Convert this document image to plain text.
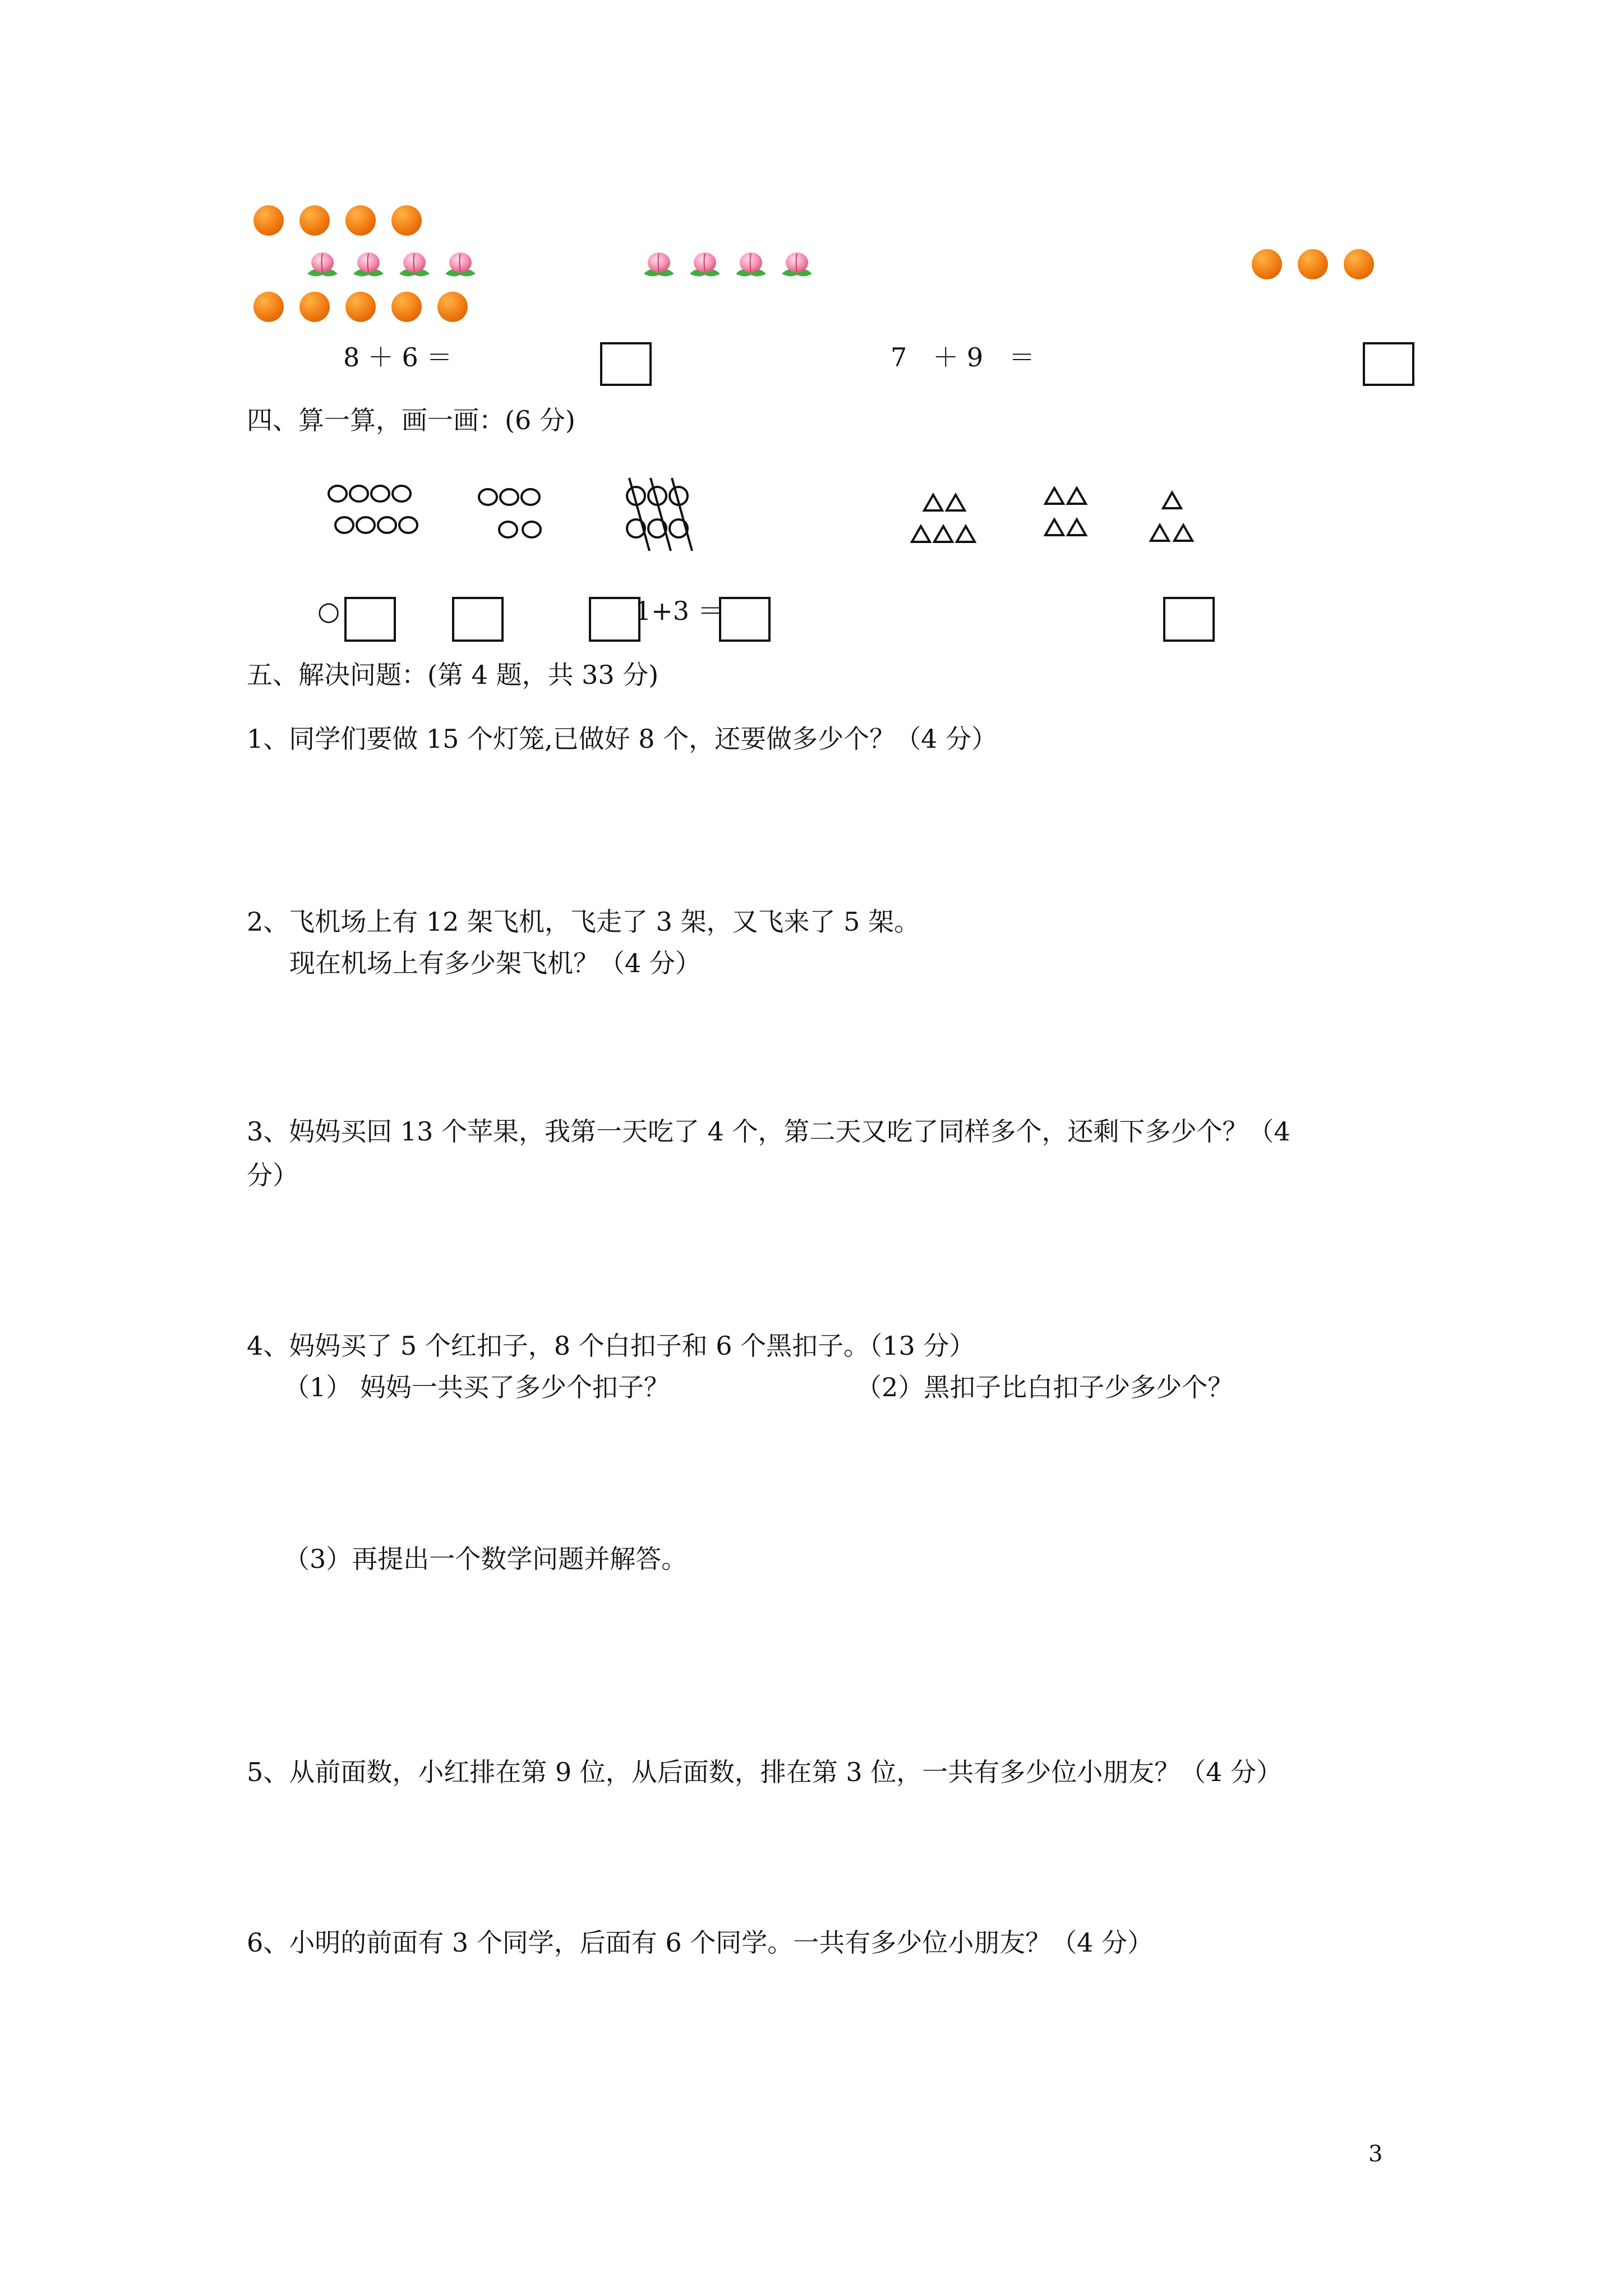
8 ＋ 6 ＝	7　＋ 9　＝
四、算一算，画一画：(6 分)
○	1+3 ＝
五、解决问题：(第 4 题，共 33 分)
1、同学们要做 15 个灯笼,已做好 8 个，还要做多少个？（4 分）
2、飞机场上有 12 架飞机，飞走了 3 架，又飞来了 5 架。
现在机场上有多少架飞机？（4 分）
3、妈妈买回 13 个苹果，我第一天吃了 4 个，第二天又吃了同样多个，还剩下多少个？（4
分）
4、妈妈买了 5 个红扣子，8 个白扣子和 6 个黑扣子。（13 分）
（1） 妈妈一共买了多少个扣子？	（2）黑扣子比白扣子少多少个？
（3）再提出一个数学问题并解答。
5、从前面数，小红排在第 9 位，从后面数，排在第 3 位，一共有多少位小朋友？（4 分）
6、小明的前面有 3 个同学，后面有 6 个同学。一共有多少位小朋友？（4 分）
3
